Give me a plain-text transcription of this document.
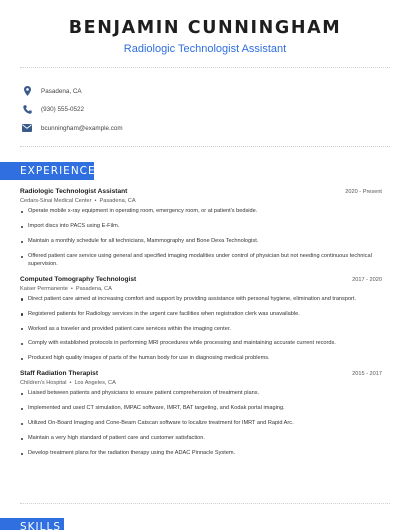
BENJAMIN CUNNINGHAM
Radiologic Technologist Assistant
Pasadena, CA
(930) 555-0522
bcunningham@example.com
EXPERIENCE
Radiologic Technologist Assistant	2020 - Present
Cedars-Sinai Medical Center • Pasadena, CA
Operate mobile x-ray equipment in operating room, emergency room, or at patient's bedside.
Import discs into PACS using E-Film.
Maintain a monthly schedule for all technicians, Mammography and Bone Dexa Technologist.
Offered patient care service using general and specified imaging modalities under control of physician but not needing continuous technical supervision.
Computed Tomography Technologist	2017 - 2020
Kaiser Permanente • Pasadena, CA
Direct patient care aimed at increasing comfort and support by providing assistance with personal hygiene, elimination and transport.
Registered patients for Radiology services in the urgent care facilities when registration clerk was unavailable.
Worked as a traveler and provided patient care services within the imaging center.
Comply with established protocols in performing MRI procedures while processing and maintaining accurate current records.
Produced high quality images of parts of the human body for use in diagnosing medical problems.
Staff Radiation Therapist	2015 - 2017
Children's Hospital • Los Angeles, CA
Liaised between patients and physicians to ensure patient comprehension of treatment plans.
Implemented and used CT simulation, IMPAC software, IMRT, BAT targeting, and Kodak portal imaging.
Utilized On-Board Imaging and Cone-Beam Catscan software to localize treatment for IMRT and Rapid Arc.
Maintain a very high standard of patient care and customer satisfaction.
Develop treatment plans for the radiation therapy using the ADAC Pinnacle System.
SKILLS
